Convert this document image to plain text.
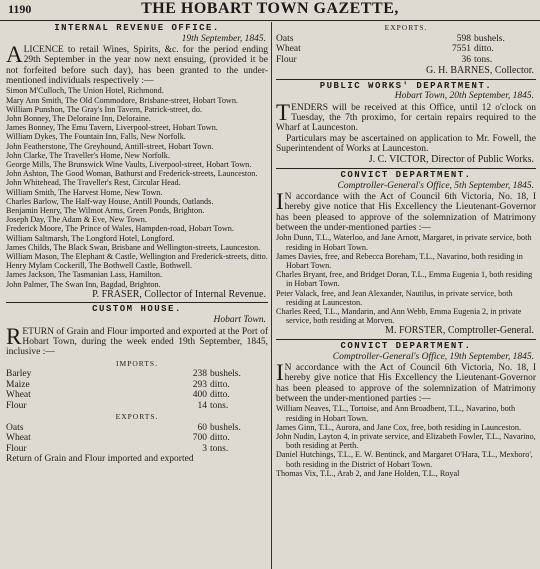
1190	THE HOBART TOWN GAZETTE,
INTERNAL REVENUE OFFICE.
19th September, 1845.

ALICENCE to retail Wines, Spirits, &c. for the period ending 29th September in the year now next ensuing, (provided it be not forfeited before such day), has been granted to the under-mentioned individuals respectively :—

Simon M'Culloch, The Union Hotel, Richmond.
Mary Ann Smith, The Old Commodore, Brisbane-street, Hobart Town.
William Punshon, The Gray's Inn Tavern, Patrick-street, do.
John Bonney, The Deloraine Inn, Deloraine.
James Bonney, The Emu Tavern, Liverpool-street, Hobart Town.
William Dykes, The Fountain Inn, Falls, New Norfolk.
John Featherstone, The Greyhound, Antill-street, Hobart Town.
John Clarke, The Traveller's Home, New Norfolk.
George Mills, The Brunswick Wine Vaults, Liverpool-street, Hobart Town.
John Ashton, The Good Woman, Bathurst and Frederick-streets, Launceston.
John Whitehead, The Traveller's Rest, Circular Head.
William Smith, The Harvest Home, New Town.
Charles Barlow, The Half-way House, Antill Pounds, Oatlands.
Benjamin Henry, The Wilmot Arms, Green Ponds, Brighton.
Joseph Day, The Adam & Eve, New Town.
Frederick Moore, The Prince of Wales, Hampden-road, Hobart Town.
William Saltmarsh, The Longford Hotel, Longford.
James Childs, The Black Swan, Brisbane and Wellington-streets, Launceston.
William Mason, The Elephant & Castle, Wellington and Frederick-streets, ditto.
Henry Mylam Cockerill, The Bothwell Castle, Bothwell.
James Jackson, The Tasmanian Lass, Hamilton.
John Palmer, The Swan Inn, Bagdad, Brighton.
P. FRASER, Collector of Internal Revenue.
CUSTOM HOUSE.
Hobart Town.

RETURN of Grain and Flour imported and exported at the Port of Hobart Town, during the week ended 19th September, 1845, inclusive :—

IMPORTS.
Barley	238 bushels.
Maize	293 ditto.
Wheat	400 ditto.
Flour	14 tons.
EXPORTS.
Oats	60 bushels.
Wheat	700 ditto.
Flour	3 tons.
Return of Grain and Flour imported and exported
EXPORTS.
Oats	598 bushels.
Wheat	7551 ditto.
Flour	36 tons.
G. H. BARNES, Collector.
PUBLIC WORKS' DEPARTMENT.
Hobart Town, 20th September, 1845.

TENDERS will be received at this Office, until 12 o'clock on Tuesday, the 7th proximo, for certain repairs required to the Wharf at Launceston.

Particulars may be ascertained on application to Mr. Fowell, the Superintendent of Works at Launceston.

J. C. VICTOR, Director of Public Works.
CONVICT DEPARTMENT.
Comptroller-General's Office, 5th September, 1845.

I N accordance with the Act of Council 6th Victoria, No. 18, I hereby give notice that His Excellency the Lieutenant-Governor has been pleased to approve of the solemnization of Matrimony between the under-mentioned parties :—

John Dunn, T.L., Waterloo, and Jane Arnott, Margaret, in private service, both residing in Hobart Town.
James Davies, free, and Rebecca Boreham, T.L., Navarino, both residing in Hobart Town.
Charles Bryant, free, and Bridget Doran, T.L., Emma Eugenia 1, both residing in Hobart Town.
Peter Valack, free, and Jean Alexander, Nautilus, in private service, both residing at Launceston.
Charles Reed, T.L., Mandarin, and Ann Webb, Emma Eugenia 2, in private service, both residing at Morven.
M. FORSTER, Comptroller-General.
CONVICT DEPARTMENT.
Comptroller-General's Office, 19th September, 1845.

I N accordance with the Act of Council 6th Victoria, No. 18, I hereby give notice that His Excellency the Lieutenant-Governor has been pleased to approve of the solemnization of Matrimony between the under-mentioned parties :—

William Neaves, T.L., Tortoise, and Ann Broadbent, T.L., Navarino, both residing in Hobart Town.
James Ginn, T.L., Aurora, and Jane Cox, free, both residing in Launceston.
John Nudin, Layton 4, in private service, and Elizabeth Fowler, T.L., Navarino, both residing at Perth.
Daniel Hutchings, T.L., E. W. Bentinck, and Margaret O'Hara, T.L., Mexboro', both residing in the District of Hobart Town.
Thomas Vix, T.L., Arab 2, and Jane Holden, T.L., Royal
